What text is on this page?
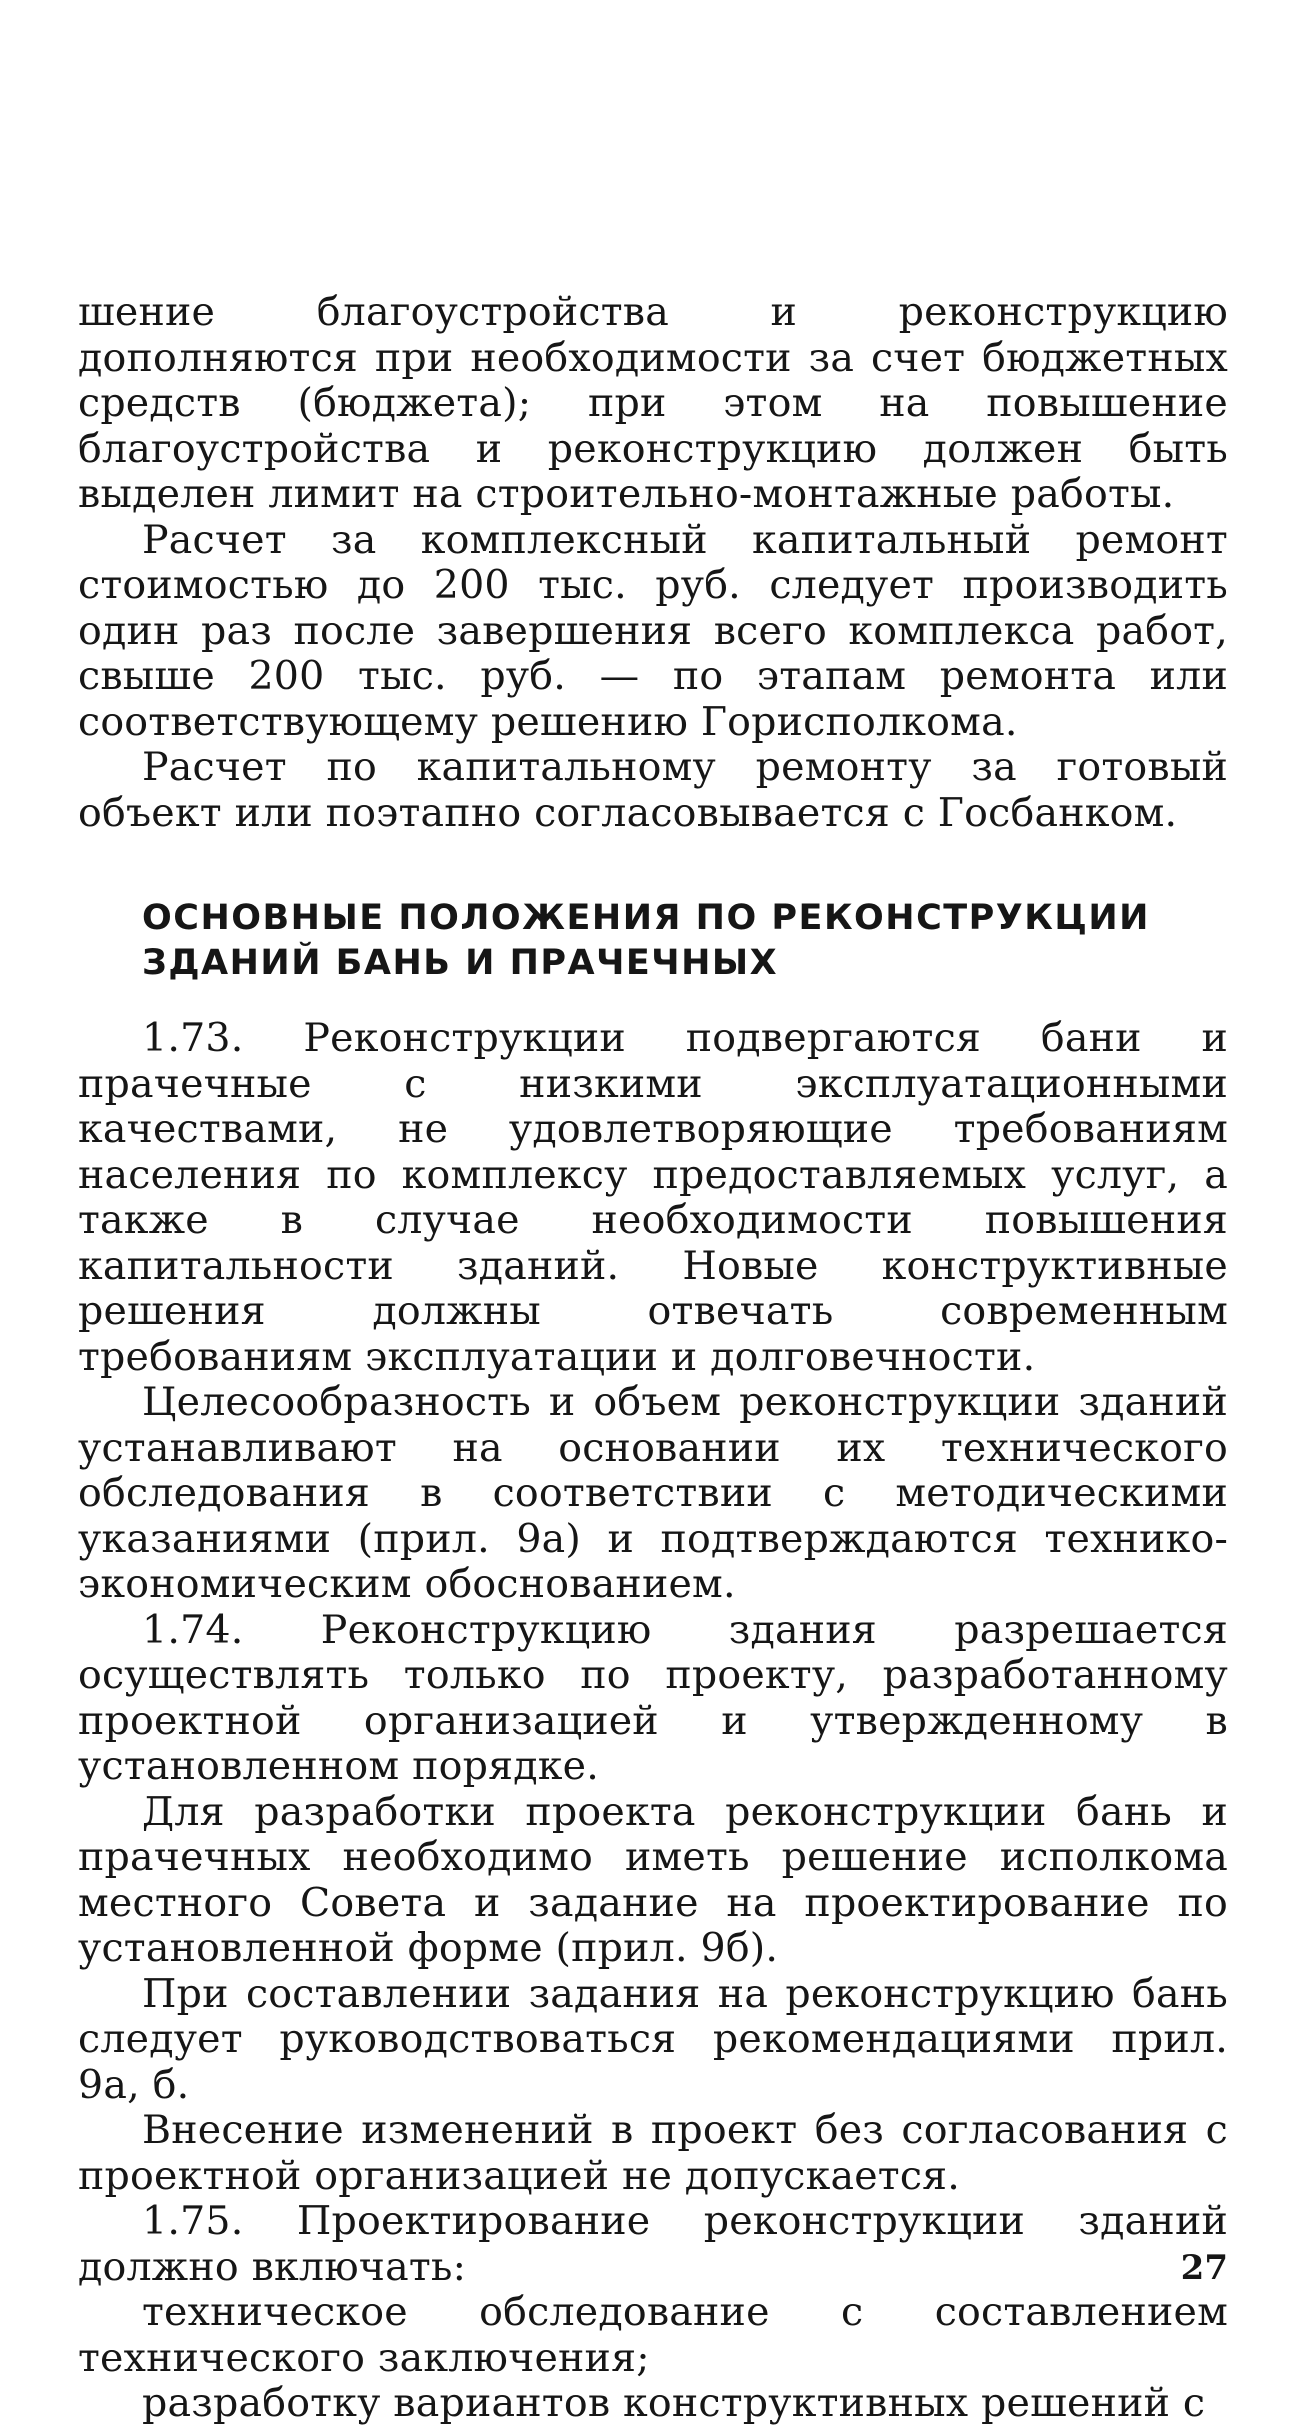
шение благоустройства и реконструкцию дополняются при необходимости за счет бюджетных средств (бюджета); при этом на повышение благоустройства и реконструкцию должен быть выделен лимит на строительно-монтажные работы.

Расчет за комплексный капитальный ремонт стоимостью до 200 тыс. руб. следует производить один раз после завершения всего комплекса работ, свыше 200 тыс. руб. — по этапам ремонта или соответствующему решению Горисполкома.

Расчет по капитальному ремонту за готовый объект или поэтапно согласовывается с Госбанком.

ОСНОВНЫЕ ПОЛОЖЕНИЯ ПО РЕКОНСТРУКЦИИ
ЗДАНИЙ БАНЬ И ПРАЧЕЧНЫХ

1.73. Реконструкции подвергаются бани и прачечные с низкими эксплуатационными качествами, не удовлетворяющие требованиям населения по комплексу предоставляемых услуг, а также в случае необходимости повышения капитальности зданий. Новые конструктивные решения должны отвечать современным требованиям эксплуатации и долговечности.

Целесообразность и объем реконструкции зданий устанавливают на основании их технического обследования в соответствии с методическими указаниями (прил. 9а) и подтверждаются технико-экономическим обоснованием.

1.74. Реконструкцию здания разрешается осуществлять только по проекту, разработанному проектной организацией и утвержденному в установленном порядке.

Для разработки проекта реконструкции бань и прачечных необходимо иметь решение исполкома местного Совета и задание на проектирование по установленной форме (прил. 9б).

При составлении задания на реконструкцию бань следует руководствоваться рекомендациями прил. 9а, б.

Внесение изменений в проект без согласования с проектной организацией не допускается.

1.75. Проектирование реконструкции зданий должно включать:

техническое обследование с составлением технического заключения;

разработку вариантов конструктивных решений с

27
